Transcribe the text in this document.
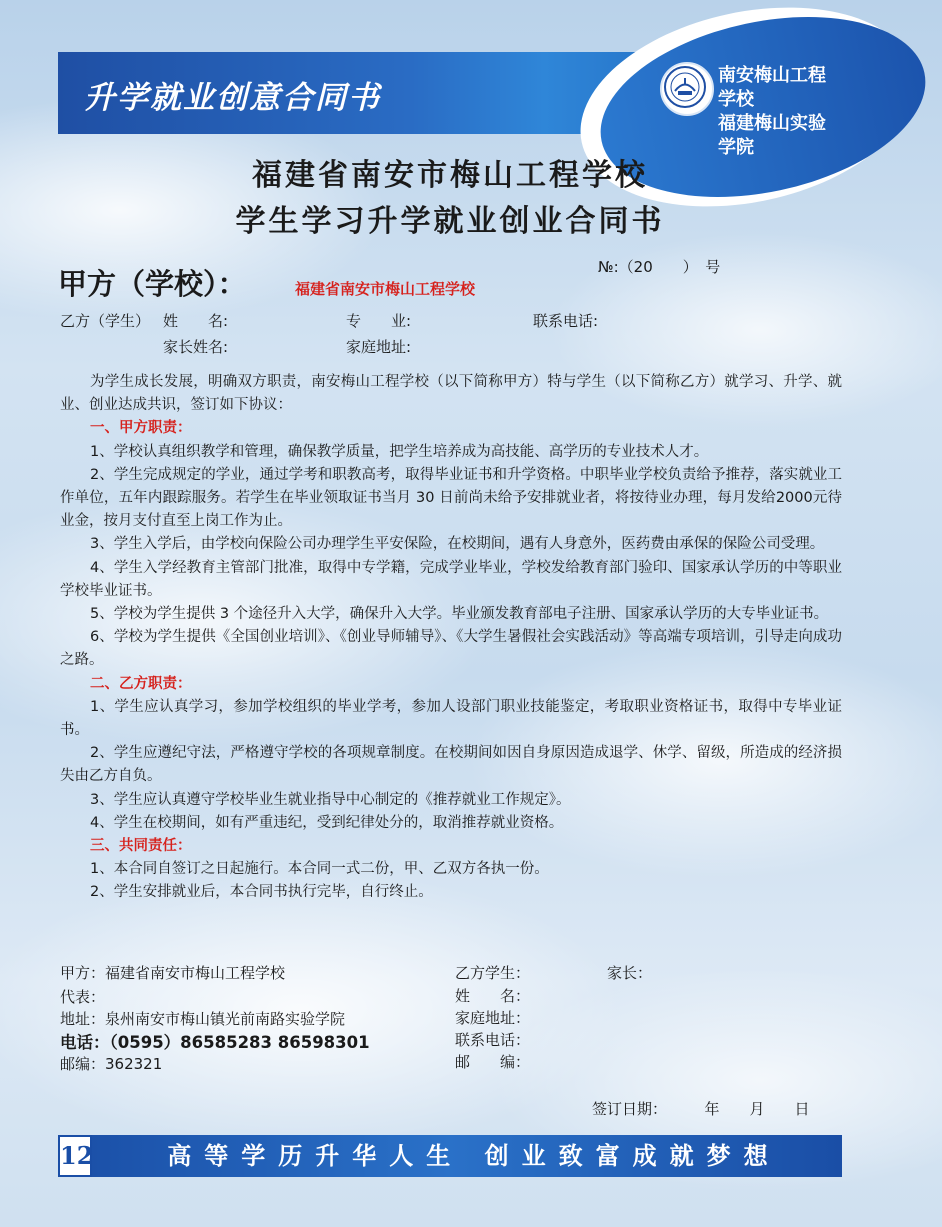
升学就业创意合同书
南安梅山工程学校
福建梅山实验学院
福建省南安市梅山工程学校
学生学习升学就业创业合同书
№:（20　　）　号
甲方（学校）：	福建省南安市梅山工程学校
乙方（学生） 姓　　名:	专　　业:	联系电话:
家长姓名:	家庭地址:

为学生成长发展，明确双方职责，南安梅山工程学校（以下简称甲方）特与学生（以下简称乙方）就学习、升学、就业、创业达成共识，签订如下协议：

一、甲方职责：

1、学校认真组织教学和管理，确保教学质量，把学生培养成为高技能、高学历的专业技术人才。

2、学生完成规定的学业，通过学考和职教高考，取得毕业证书和升学资格。中职毕业学校负责给予推荐，落实就业工作单位，五年内跟踪服务。若学生在毕业领取证书当月 30 日前尚未给予安排就业者，将按待业办理，每月发给2000元待业金，按月支付直至上岗工作为止。

3、学生入学后，由学校向保险公司办理学生平安保险，在校期间，遇有人身意外，医药费由承保的保险公司受理。

4、学生入学经教育主管部门批准，取得中专学籍，完成学业毕业，学校发给教育部门验印、国家承认学历的中等职业学校毕业证书。

5、学校为学生提供 3 个途径升入大学，确保升入大学。毕业颁发教育部电子注册、国家承认学历的大专毕业证书。

6、学校为学生提供《全国创业培训》、《创业导师辅导》、《大学生暑假社会实践活动》等高端专项培训，引导走向成功之路。

二、乙方职责：

1、学生应认真学习，参加学校组织的毕业学考，参加人设部门职业技能鉴定，考取职业资格证书，取得中专毕业证书。

2、学生应遵纪守法，严格遵守学校的各项规章制度。在校期间如因自身原因造成退学、休学、留级，所造成的经济损失由乙方自负。

3、学生应认真遵守学校毕业生就业指导中心制定的《推荐就业工作规定》。

4、学生在校期间，如有严重违纪，受到纪律处分的，取消推荐就业资格。

三、共同责任：

1、本合同自签订之日起施行。本合同一式二份，甲、乙双方各执一份。

2、学生安排就业后，本合同书执行完毕，自行终止。

甲方：福建省南安市梅山工程学校
代表：
地址：泉州南安市梅山镇光前南路实验学院
电话：（0595）86585283 86598301
邮编：362321
乙方学生：	家长：
姓　　名：
家庭地址：
联系电话：
邮　　编：
签订日期：　　　年　　月　　日
12	高等学历升华人生 创业致富成就梦想
